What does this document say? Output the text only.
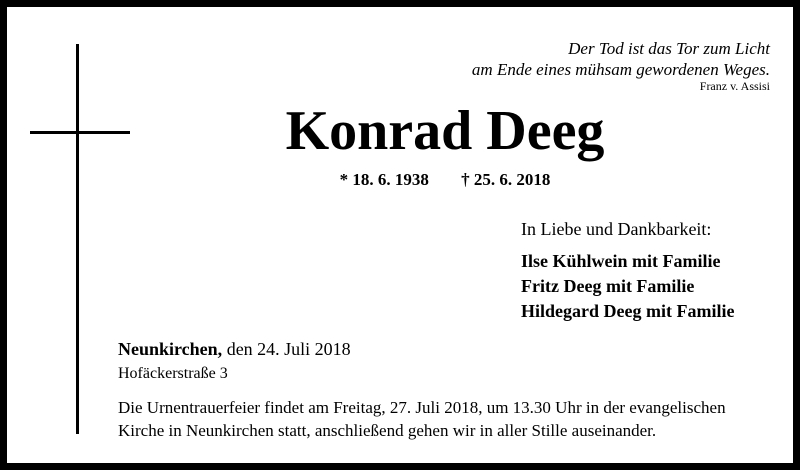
Der Tod ist das Tor zum Licht
am Ende eines mühsam gewordenen Weges.
Franz v. Assisi
Konrad Deeg
* 18. 6. 1938 † 25. 6. 2018
In Liebe und Dankbarkeit:
Ilse Kühlwein mit Familie
Fritz Deeg mit Familie
Hildegard Deeg mit Familie
Neunkirchen, den 24. Juli 2018
Hofäckerstraße 3
Die Urnentrauerfeier findet am Freitag, 27. Juli 2018, um 13.30 Uhr in der evangelischen
Kirche in Neunkirchen statt, anschließend gehen wir in aller Stille auseinander.
